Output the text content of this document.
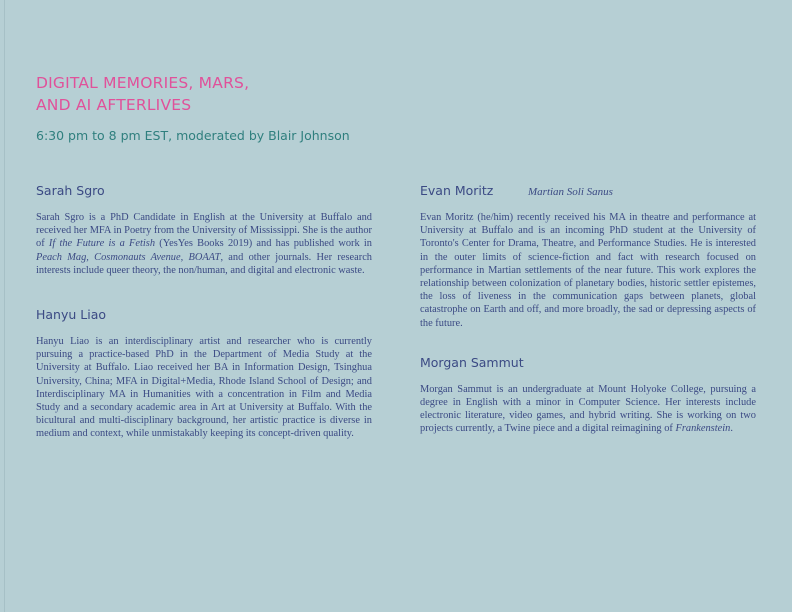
DIGITAL MEMORIES, MARS,
AND AI AFTERLIVES
6:30 pm to 8 pm EST, moderated by Blair Johnson
Sarah Sgro
Sarah Sgro is a PhD Candidate in English at the University at Buffalo and received her MFA in Poetry from the University of Mississippi. She is the author of If the Future is a Fetish (YesYes Books 2019) and has published work in Peach Mag, Cosmonauts Avenue, BOAAT, and other journals. Her research interests include queer theory, the non/human, and digital and electronic waste.
Hanyu Liao
Hanyu Liao is an interdisciplinary artist and researcher who is currently pursuing a practice-based PhD in the Department of Media Study at the University at Buffalo. Liao received her BA in Information Design, Tsinghua University, China; MFA in Digital+Media, Rhode Island School of Design; and Interdisciplinary MA in Humanities with a concentration in Film and Media Study and a secondary academic area in Art at University at Buffalo. With the bicultural and multi-disciplinary background, her artistic practice is diverse in medium and context, while unmistakably keeping its concept-driven quality.
Evan Moritz	Martian Soli Sanus
Evan Moritz (he/him) recently received his MA in theatre and performance at University at Buffalo and is an incoming PhD student at the University of Toronto's Center for Drama, Theatre, and Performance Studies. He is interested in the outer limits of science-fiction and fact with research focused on performance in Martian settlements of the near future. This work explores the relationship between colonization of planetary bodies, historic settler epistemes, the loss of liveness in the communication gaps between planets, global catastrophe on Earth and off, and more broadly, the sad or depressing aspects of the future.
Morgan Sammut
Morgan Sammut is an undergraduate at Mount Holyoke College, pursuing a degree in English with a minor in Computer Science. Her interests include electronic literature, video games, and hybrid writing. She is working on two projects currently, a Twine piece and a digital reimagining of Frankenstein.
